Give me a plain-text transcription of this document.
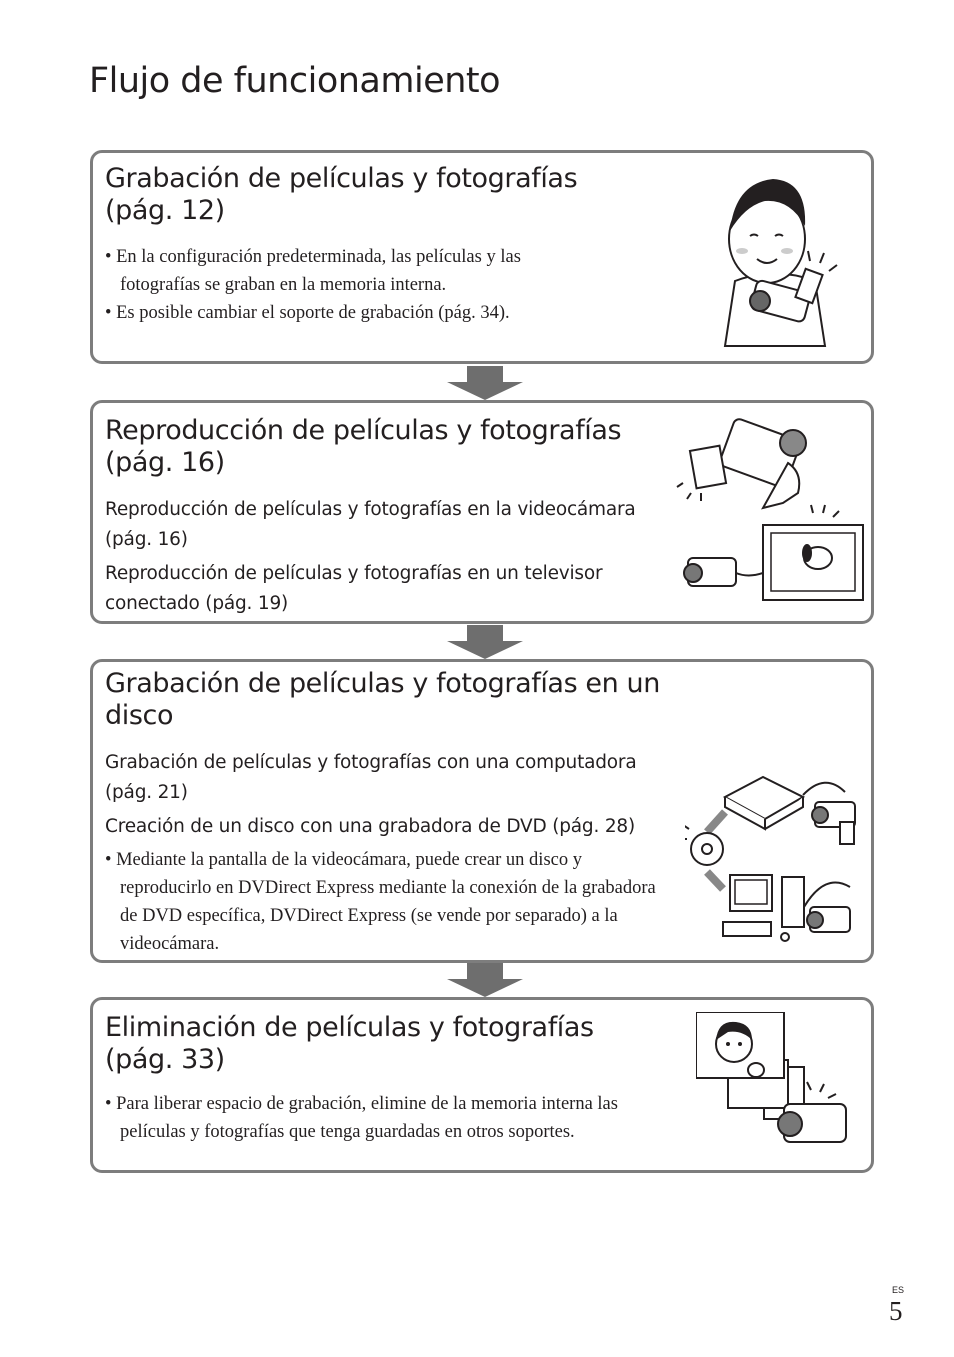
Flujo de funcionamiento
Grabación de películas y fotografías
(pág. 12)
• En la configuración predeterminada, las películas y las fotografías se graban en la memoria interna.
• Es posible cambiar el soporte de grabación (pág. 34).
Reproducción de películas y fotografías
(pág. 16)
Reproducción de películas y fotografías en la videocámara (pág. 16)
Reproducción de películas y fotografías en un televisor conectado (pág. 19)
Grabación de películas y fotografías en un
disco
Grabación de películas y fotografías con una computadora (pág. 21)
Creación de un disco con una grabadora de DVD (pág. 28)
• Mediante la pantalla de la videocámara, puede crear un disco y reproducirlo en DVDirect Express mediante la conexión de la grabadora de DVD específica, DVDirect Express (se vende por separado) a la videocámara.
Eliminación de películas y fotografías
(pág. 33)
• Para liberar espacio de grabación, elimine de la memoria interna las películas y fotografías que tenga guardadas en otros soportes.
ES
5
